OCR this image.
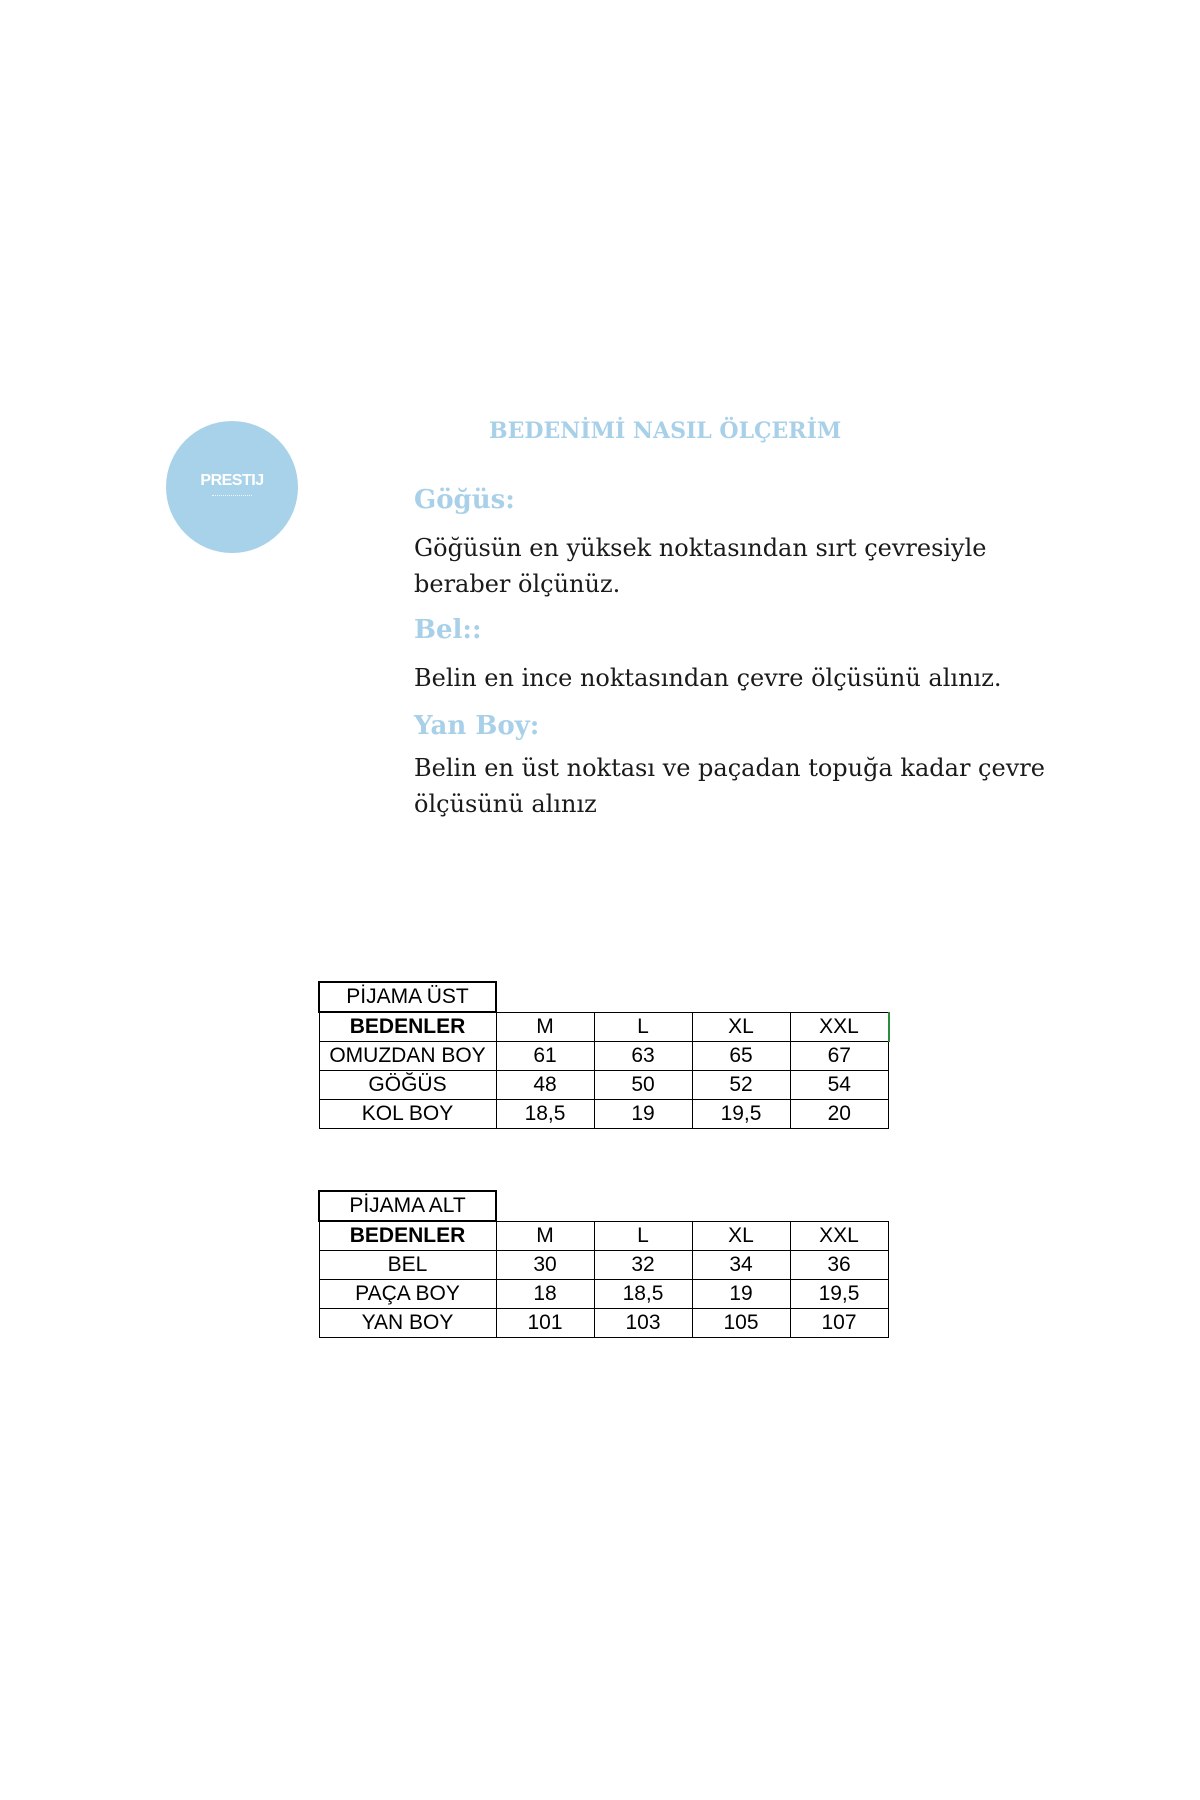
PRESTIJ
BEDENİMİ NASIL ÖLÇERİM

Göğüs:

Göğüsün en yüksek noktasından sırt çevresiyle beraber ölçünüz.

Bel::

Belin en ince noktasından çevre ölçüsünü alınız.

Yan Boy:

Belin en üst noktası ve paçadan topuğa kadar çevre ölçüsünü alınız

PİJAMA ÜST				
BEDENLER	M	L	XL	XXL
OMUZDAN BOY	61	63	65	67
GÖĞÜS	48	50	52	54
KOL BOY	18,5	19	19,5	20
PİJAMA ALT				
BEDENLER	M	L	XL	XXL
BEL	30	32	34	36
PAÇA BOY	18	18,5	19	19,5
YAN BOY	101	103	105	107
